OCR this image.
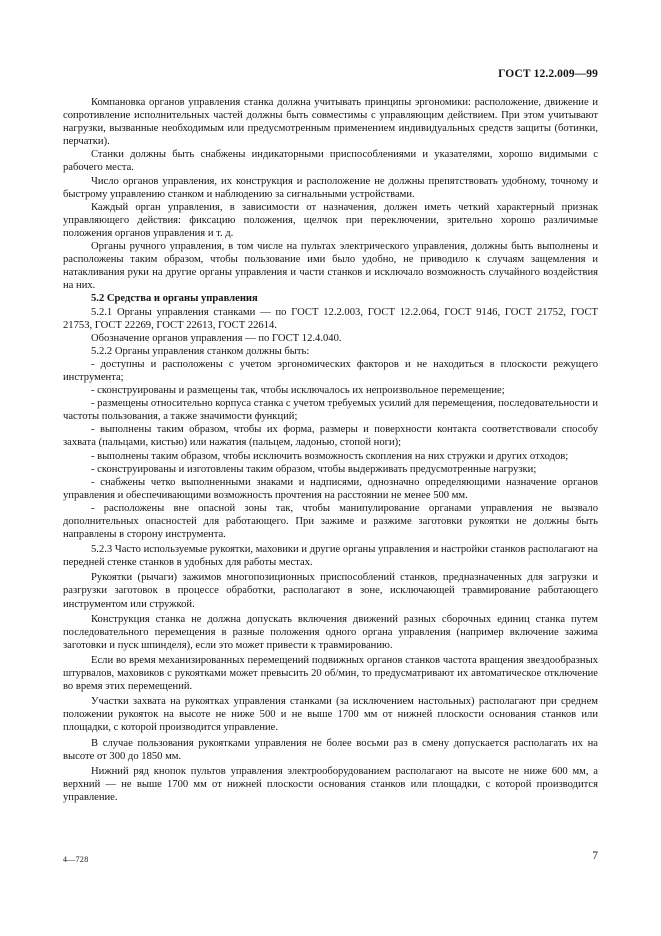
ГОСТ 12.2.009—99

Компановка органов управления станка должна учитывать принципы эргономики: расположение, движение и сопротивление исполнительных частей должны быть совместимы с управляющим действием. При этом учитывают нагрузки, вызванные необходимым или предусмотренным применением индивидуальных средств защиты (ботинки, перчатки).

Станки должны быть снабжены индикаторными приспособлениями и указателями, хорошо видимыми с рабочего места.

Число органов управления, их конструкция и расположение не должны препятствовать удобному, точному и быстрому управлению станком и наблюдению за сигнальными устройствами.

Каждый орган управления, в зависимости от назначения, должен иметь четкий характерный признак управляющего действия: фиксацию положения, щелчок при переключении, зрительно хорошо различимые положения органов управления и т. д.

Органы ручного управления, в том числе на пультах электрического управления, должны быть выполнены и расположены таким образом, чтобы пользование ими было удобно, не приводило к случаям защемления и натакливания руки на другие органы управления и части станков и исключало возможность случайного воздействия на них.

5.2 Средства и органы управления

5.2.1 Органы управления станками — по ГОСТ 12.2.003, ГОСТ 12.2.064, ГОСТ 9146, ГОСТ 21752, ГОСТ 21753, ГОСТ 22269, ГОСТ 22613, ГОСТ 22614.

Обозначение органов управления — по ГОСТ 12.4.040.

5.2.2 Органы управления станком должны быть:

- доступны и расположены с учетом эргономических факторов и не находиться в плоскости режущего инструмента;

- сконструированы и размещены так, чтобы исключалось их непроизвольное перемещение;

- размещены относительно корпуса станка с учетом требуемых усилий для перемещения, последовательности и частоты пользования, а также значимости функций;

- выполнены таким образом, чтобы их форма, размеры и поверхности контакта соответствовали способу захвата (пальцами, кистью) или нажатия (пальцем, ладонью, стопой ноги);

- выполнены таким образом, чтобы исключить возможность скопления на них стружки и других отходов;

- сконструированы и изготовлены таким образом, чтобы выдерживать предусмотренные нагрузки;

- снабжены четко выполненными знаками и надписями, однозначно определяющими назначение органов управления и обеспечивающими возможность прочтения на расстоянии не менее 500 мм.

- расположены вне опасной зоны так, чтобы манипулирование органами управления не вызвало дополнительных опасностей для работающего. При зажиме и разжиме заготовки рукоятки не должны быть направлены в сторону инструмента.

5.2.3 Часто используемые рукоятки, маховики и другие органы управления и настройки станков располагают на передней стенке станков в удобных для работы местах.

Рукоятки (рычаги) зажимов многопозиционных приспособлений станков, предназначенных для загрузки и разгрузки заготовок в процессе обработки, располагают в зоне, исключающей травмирование работающего инструментом или стружкой.

Конструкция станка не должна допускать включения движений разных сборочных единиц станка путем последовательного перемещения в разные положения одного органа управления (например включение зажима заготовки и пуск шпинделя), если это может привести к травмированию.

Если во время механизированных перемещений подвижных органов станков частота вращения звездообразных штурвалов, маховиков с рукоятками может превысить 20 об/мин, то предусматривают их автоматическое отключение во время этих перемещений.

Участки захвата на рукоятках управления станками (за исключением настольных) располагают при среднем положении рукояток на высоте не ниже 500 и не выше 1700 мм от нижней плоскости основания станков или площадки, с которой производится управление.

В случае пользования рукоятками управления не более восьми раз в смену допускается располагать их на высоте от 300 до 1850 мм.

Нижний ряд кнопок пультов управления электрооборудованием располагают на высоте не ниже 600 мм, а верхний — не выше 1700 мм от нижней плоскости основания станков или площадки, с которой производится управление.

4—728	7
